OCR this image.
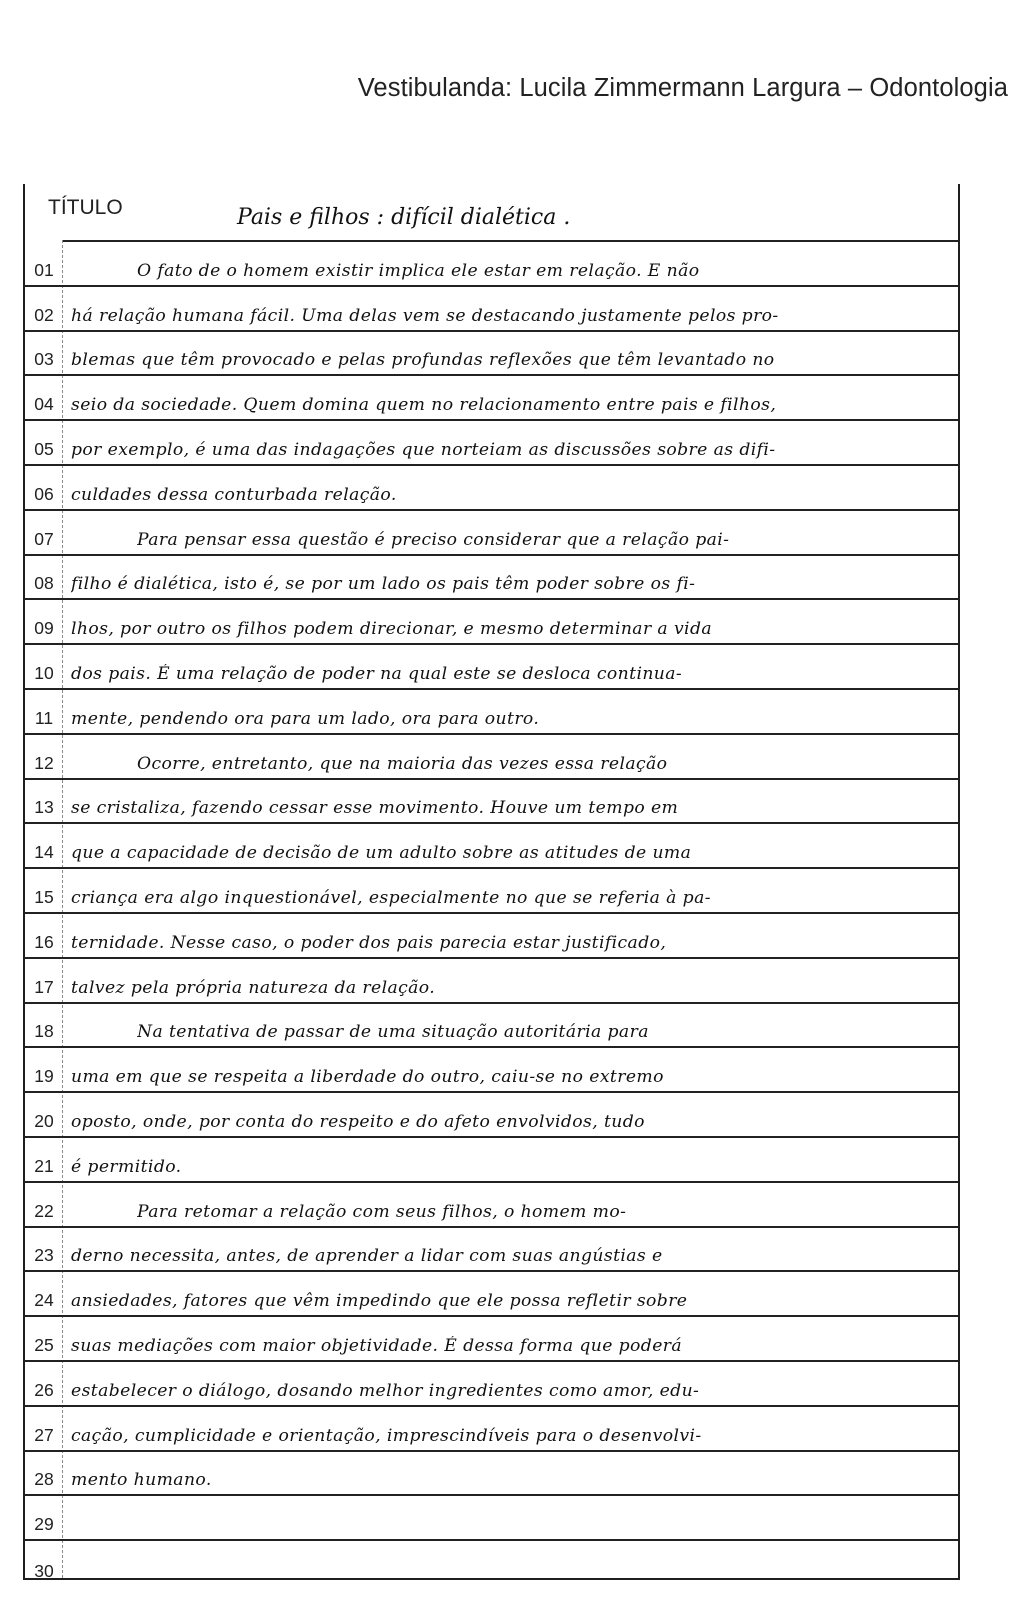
Vestibulanda: Lucila Zimmermann Largura – Odontologia
TÍTULO	Pais e filhos : difícil dialética .
01	O fato de o homem existir implica ele estar em relação. E não
02	há relação humana fácil. Uma delas vem se destacando justamente pelos pro-
03	blemas que têm provocado e pelas profundas reflexões que têm levantado no
04	seio da sociedade. Quem domina quem no relacionamento entre pais e filhos,
05	por exemplo, é uma das indagações que norteiam as discussões sobre as difi-
06	culdades dessa conturbada relação.
07	Para pensar essa questão é preciso considerar que a relação pai-
08	filho é dialética, isto é, se por um lado os pais têm poder sobre os fi-
09	lhos, por outro os filhos podem direcionar, e mesmo determinar a vida
10	dos pais. É uma relação de poder na qual este se desloca continua-
11	mente, pendendo ora para um lado, ora para outro.
12	Ocorre, entretanto, que na maioria das vezes essa relação
13	se cristaliza, fazendo cessar esse movimento. Houve um tempo em
14	que a capacidade de decisão de um adulto sobre as atitudes de uma
15	criança era algo inquestionável, especialmente no que se referia à pa-
16	ternidade. Nesse caso, o poder dos pais parecia estar justificado,
17	talvez pela própria natureza da relação.
18	Na tentativa de passar de uma situação autoritária para
19	uma em que se respeita a liberdade do outro, caiu-se no extremo
20	oposto, onde, por conta do respeito e do afeto envolvidos, tudo
21	é permitido.
22	Para retomar a relação com seus filhos, o homem mo-
23	derno necessita, antes, de aprender a lidar com suas angústias e
24	ansiedades, fatores que vêm impedindo que ele possa refletir sobre
25	suas mediações com maior objetividade. É dessa forma que poderá
26	estabelecer o diálogo, dosando melhor ingredientes como amor, edu-
27	cação, cumplicidade e orientação, imprescindíveis para o desenvolvi-
28	mento humano.
29
30
